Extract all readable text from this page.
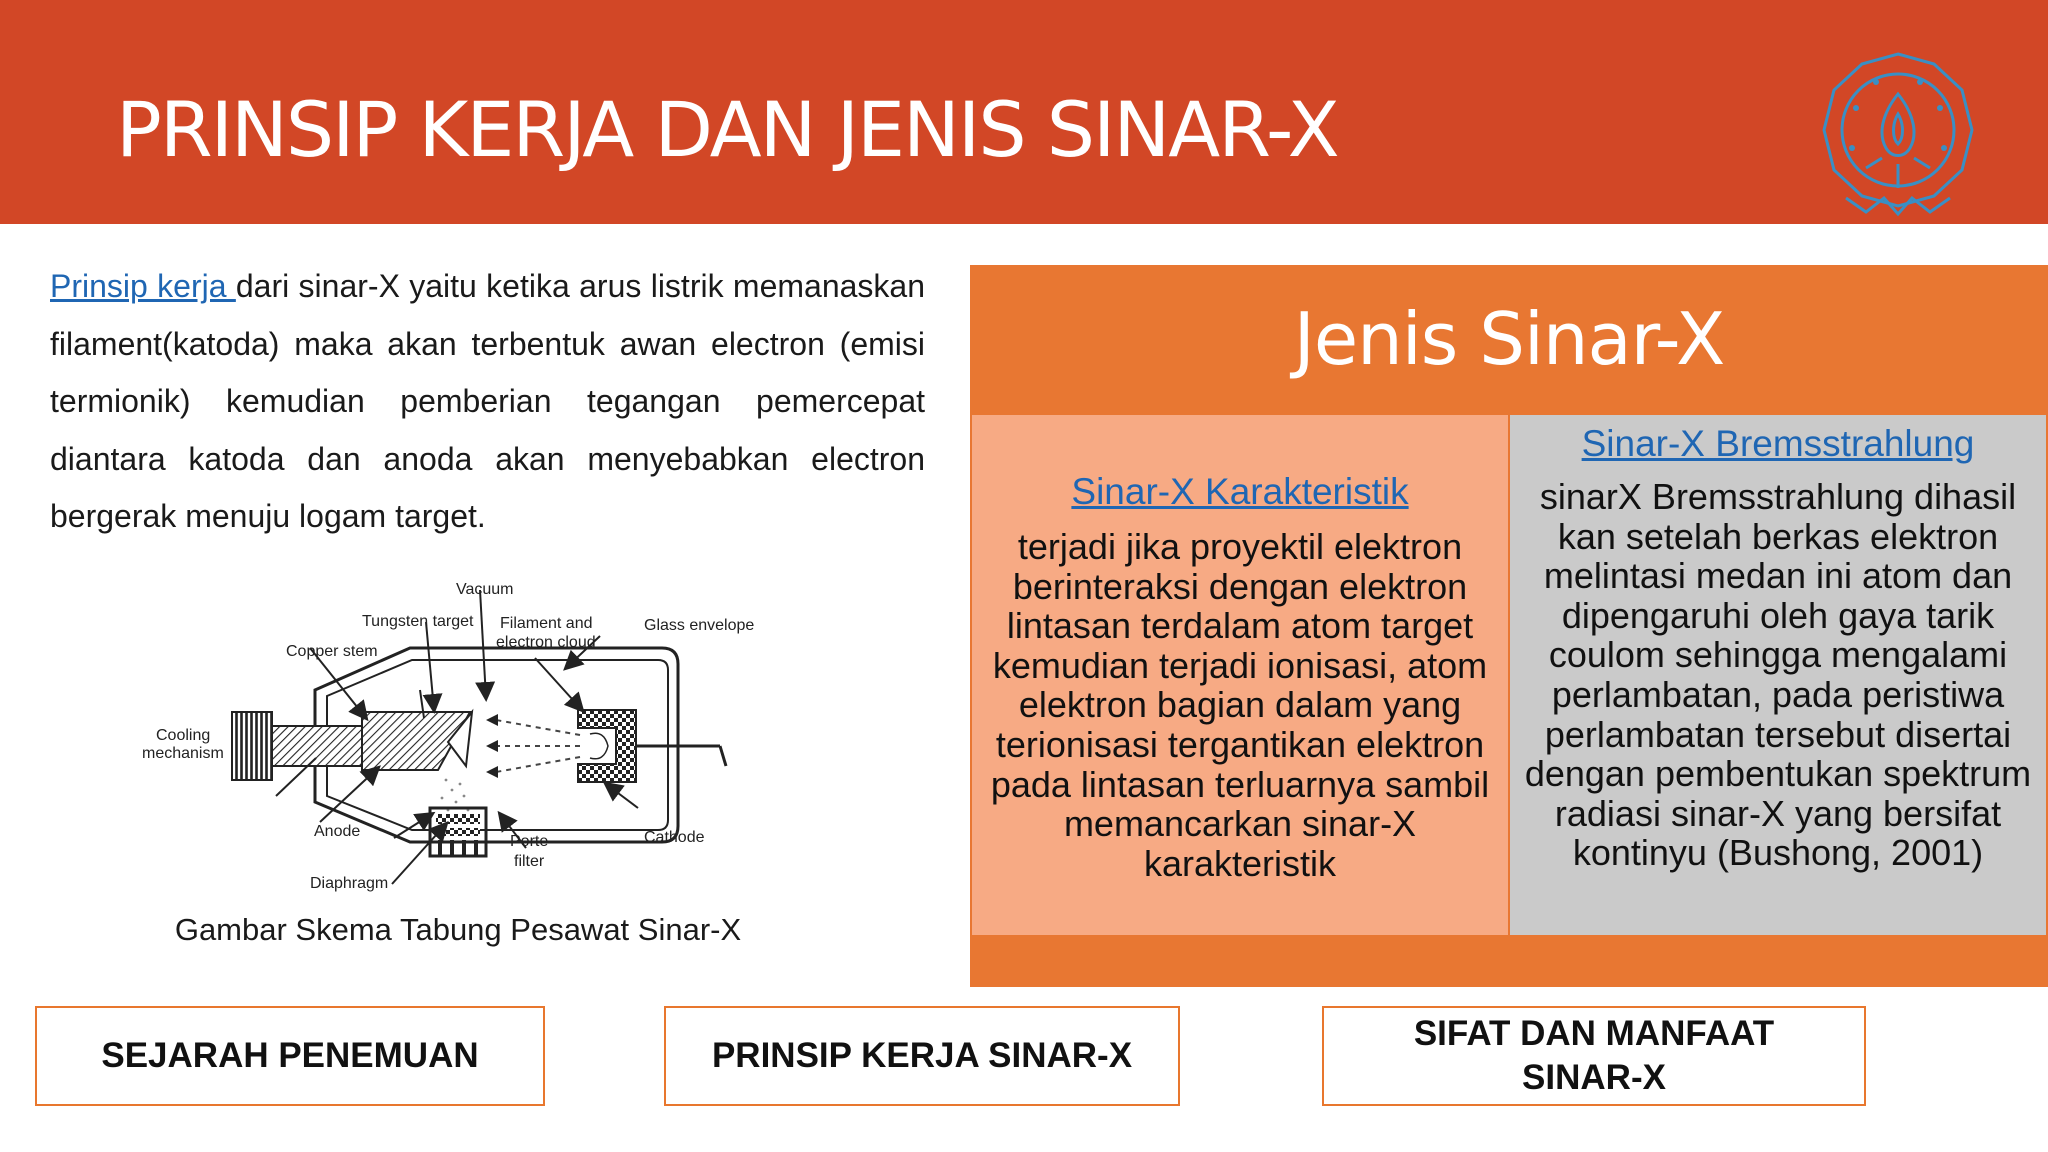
PRINSIP KERJA DAN JENIS SINAR-X
Prinsip kerja dari sinar-X yaitu ketika arus listrik memanaskan filament(katoda) maka akan terbentuk awan electron (emisi termionik) kemudian pemberian tegangan pemercepat diantara katoda dan anoda akan menyebabkan electron bergerak menuju logam target.
Vacuum
Tungsten target Filament and
electron cloud
Glass envelope
Copper stem
Cooling
mechanism
Anode
Porte
filter
Cathode
Diaphragm
Gambar Skema Tabung Pesawat Sinar-X
Jenis Sinar-X
Sinar-X Karakteristik
terjadi jika proyektil elektron berinteraksi dengan elektron lintasan terdalam atom target kemudian terjadi ionisasi, atom elektron bagian dalam yang terionisasi tergantikan elektron pada lintasan terluarnya sambil memancarkan sinar-X karakteristik
Sinar-X Bremsstrahlung
sinarX Bremsstrahlung dihasil kan setelah berkas elektron melintasi medan ini atom dan dipengaruhi oleh gaya tarik coulom sehingga mengalami perlambatan, pada peristiwa perlambatan tersebut disertai dengan pembentukan spektrum radiasi sinar-X yang bersifat kontinyu (Bushong, 2001)
SEJARAH PENEMUAN	PRINSIP KERJA SINAR-X
SIFAT DAN MANFAAT
SINAR-X
